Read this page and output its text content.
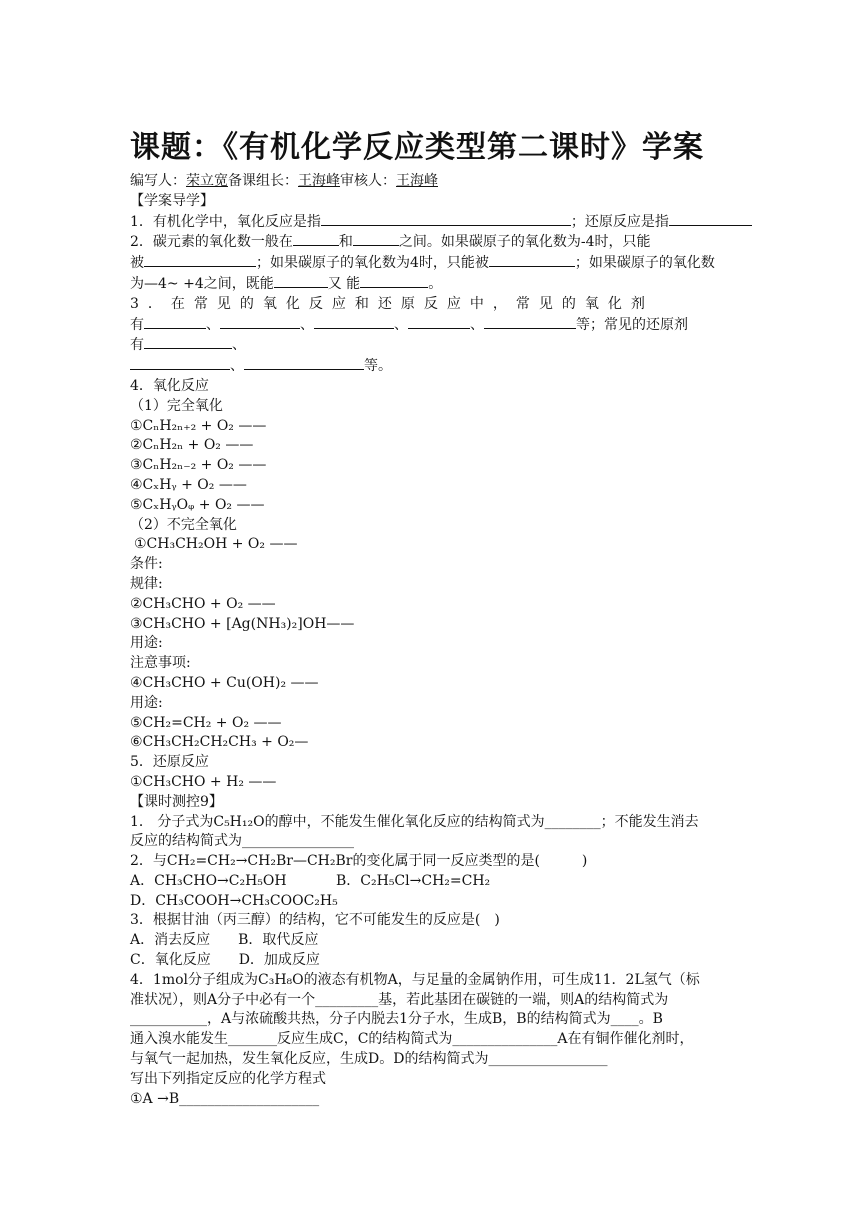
课题：《有机化学反应类型第二课时》学案
编写人：荣立宽备课组长：王海峰审核人：王海峰
【学案导学】
1．有机化学中，氧化反应是指	；还原反应是指
2．碳元素的氧化数一般在	和	之间。如果碳原子的氧化数为-4时，只能
被	；如果碳原子的氧化数为4时，只能被	；如果碳原子的氧化数
为—4~ +4之间，既能	又 能	。
3．在常见的氧化反应和还原反应中，常见的氧化剂
有	、	、	、	、	等；常见的还原剂
有	、
、	等。
4．氧化反应
（1）完全氧化
①CₙH₂ₙ₊₂ + O₂ ——
②CₙH₂ₙ + O₂ ——
③CₙH₂ₙ₋₂ + O₂ ——
④CₓHᵧ + O₂ ——
⑤CₓHᵧOᵩ + O₂ ——
（2）不完全氧化
①CH₃CH₂OH + O₂ ——
条件:
规律:
②CH₃CHO + O₂ ——
③CH₃CHO + [Ag(NH₃)₂]OH——
用途:
注意事项:
④CH₃CHO + Cu(OH)₂ ——
用途:
⑤CH₂=CH₂ + O₂ ——
⑥CH₃CH₂CH₂CH₃ + O₂—
5．还原反应
①CH₃CHO + H₂ ——
【课时测控9】
1． 分子式为C₅H₁₂O的醇中，不能发生催化氧化反应的结构简式为________；不能发生消去
反应的结构简式为________________
2．与CH₂=CH₂→CH₂Br—CH₂Br的变化属于同一反应类型的是(　　　)
A．CH₃CHO→C₂H₅OH	B．C₂H₅Cl→CH₂=CH₂
D．CH₃COOH→CH₃COOC₂H₅
3．根据甘油（丙三醇）的结构，它不可能发生的反应是(　)
A．消去反应　　B．取代反应
C．氧化反应　　D．加成反应
4．1mol分子组成为C₃H₈O的液态有机物A，与足量的金属钠作用，可生成11．2L氢气（标
准状况），则A分子中必有一个_________基，若此基团在碳链的一端，则A的结构简式为
___________，A与浓硫酸共热，分子内脱去1分子水，生成B，B的结构简式为____。B
通入溴水能发生_______反应生成C，C的结构简式为_______________A在有铜作催化剂时，
与氧气一起加热，发生氧化反应，生成D。D的结构简式为_________________
写出下列指定反应的化学方程式
①A →B____________________
